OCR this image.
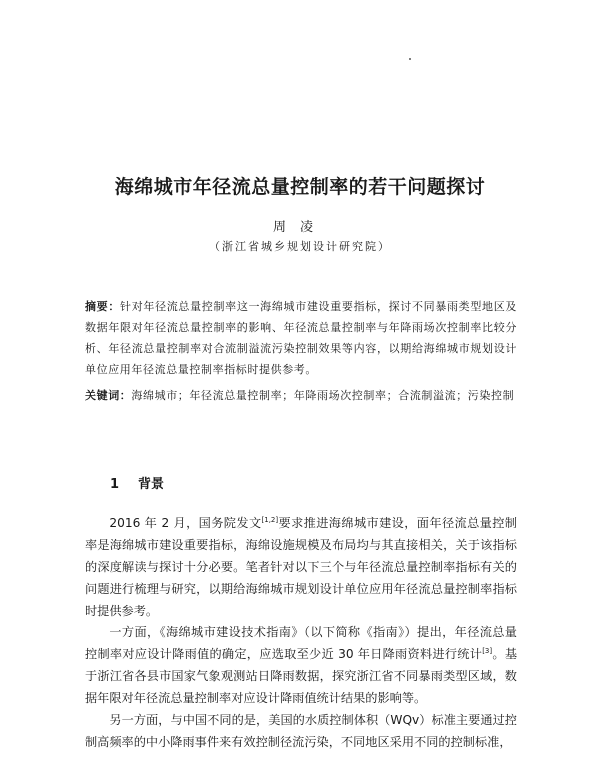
海绵城市年径流总量控制率的若干问题探讨
周凌
（浙江省城乡规划设计研究院）
摘要：针对年径流总量控制率这一海绵城市建设重要指标，探讨不同暴雨类型地区及数据年限对年径流总量控制率的影响、年径流总量控制率与年降雨场次控制率比较分析、年径流总量控制率对合流制溢流污染控制效果等内容，以期给海绵城市规划设计单位应用年径流总量控制率指标时提供参考。
关键词：海绵城市；年径流总量控制率；年降雨场次控制率；合流制溢流；污染控制
1 背景

2016 年 2 月，国务院发文[1,2]要求推进海绵城市建设，面年径流总量控制率是海绵城市建设重要指标，海绵设施规模及布局均与其直接相关，关于该指标的深度解读与探讨十分必要。笔者针对以下三个与年径流总量控制率指标有关的问题进行梳理与研究，以期给海绵城市规划设计单位应用年径流总量控制率指标时提供参考。

一方面，《海绵城市建设技术指南》（以下简称《指南》）提出，年径流总量控制率对应设计降雨值的确定，应选取至少近 30 年日降雨资料进行统计[3]。基于浙江省各县市国家气象观测站日降雨数据，探究浙江省不同暴雨类型区域，数据年限对年径流总量控制率对应设计降雨值统计结果的影响等。

另一方面，与中国不同的是，美国的水质控制体积（WQv）标准主要通过控制高频率的中小降雨事件来有效控制径流污染，不同地区采用不同的控制标准，
